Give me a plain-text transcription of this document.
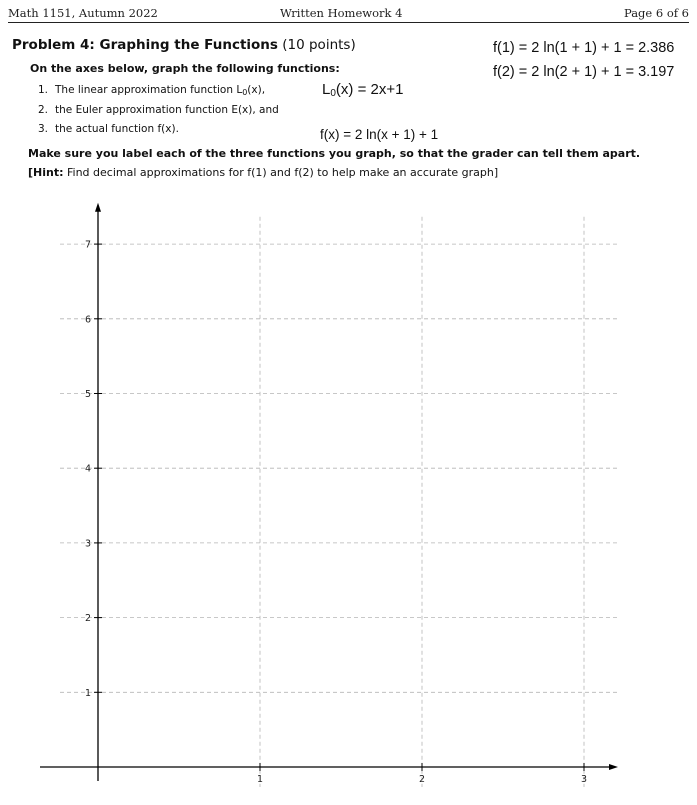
Math 1151, Autumn 2022	Written Homework 4	Page 6 of 6
Problem 4: Graphing the Functions (10 points)
On the axes below, graph the following functions:
1. The linear approximation function $L_0(x)$,
2. the Euler approximation function E(x), and
3. the actual function f(x).
$L_0(x) = 2x+1$
f(x) = 2 ln(x + 1) + 1
f(1) = 2 ln(1 + 1) + 1 = 2.386
f(2) = 2 ln(2 + 1) + 1 = 3.197
Make sure you label each of the three functions you graph, so that the grader can tell them apart.
[Hint: Find decimal approximations for f(1) and f(2) to help make an accurate graph]
1
2
3
4
5
6
7
1	2	3
